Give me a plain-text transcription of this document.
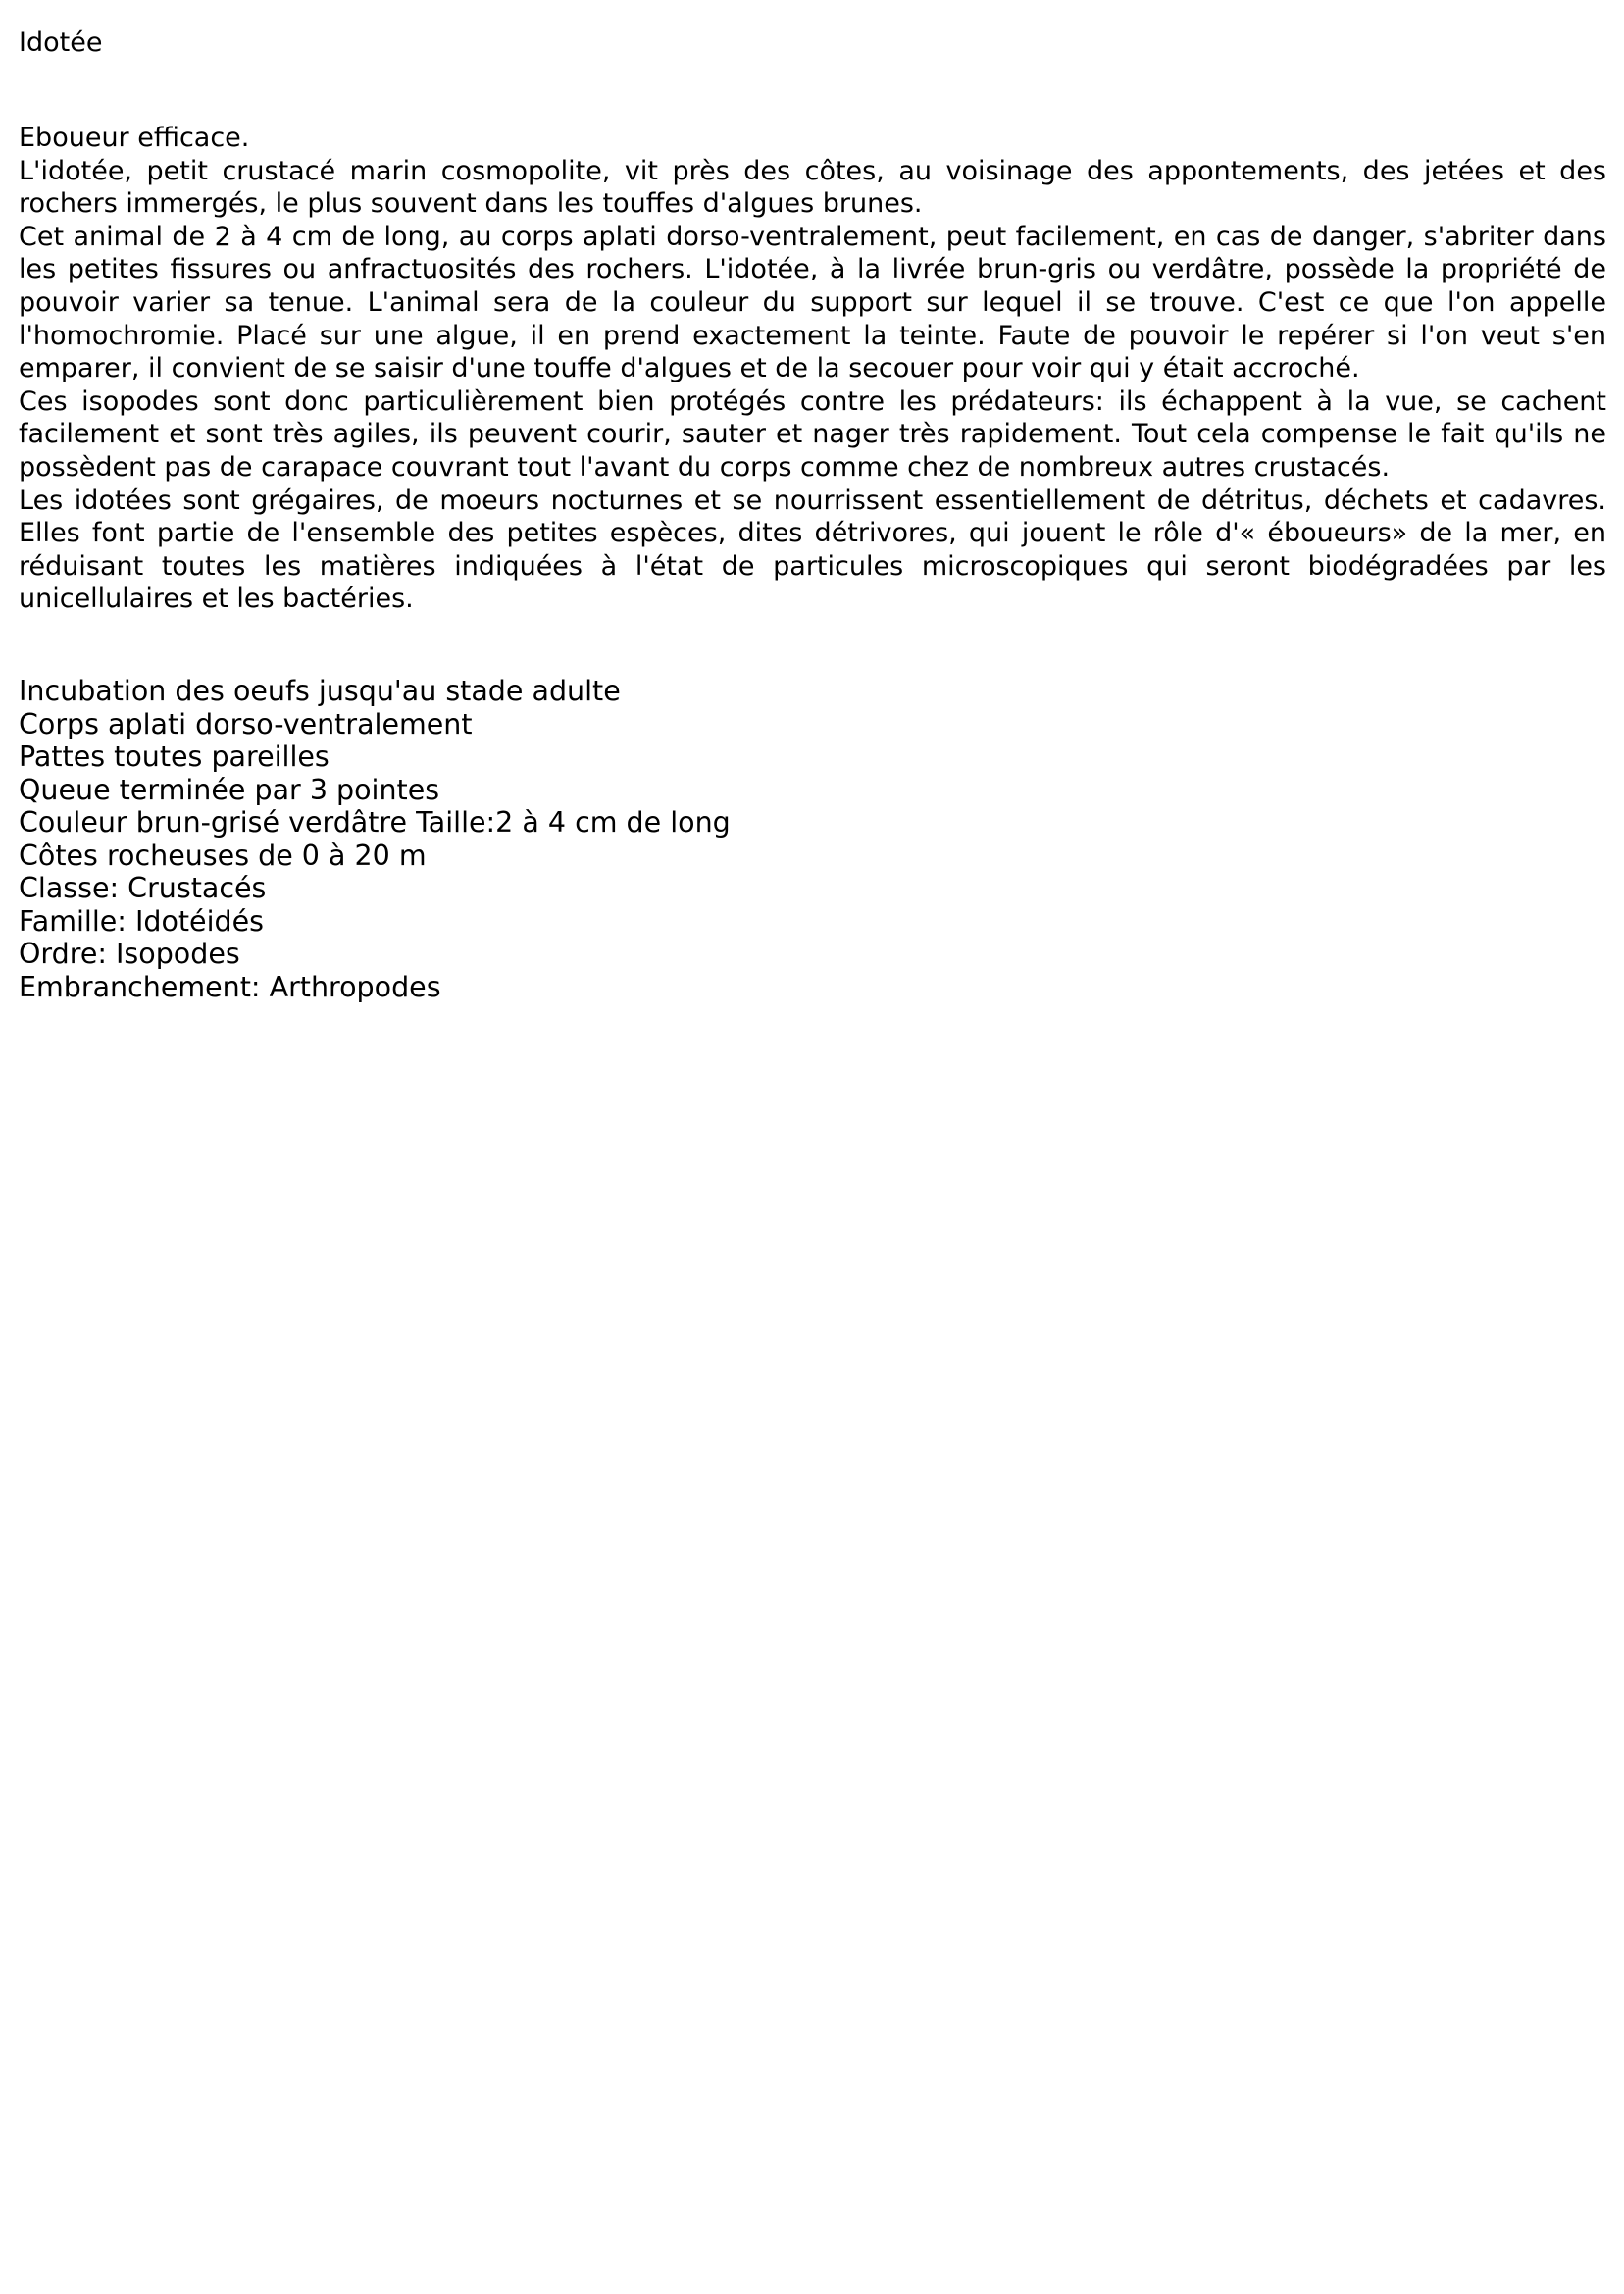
Idotée

Eboueur efficace.

L'idotée, petit crustacé marin cosmopolite, vit près des côtes, au voisinage des appontements, des jetées et des rochers immergés, le plus souvent dans les touffes d'algues brunes.

Cet animal de 2 à 4 cm de long, au corps aplati dorso-ventralement, peut facilement, en cas de danger, s'abriter dans les petites fissures ou anfractuosités des rochers. L'idotée, à la livrée brun-gris ou verdâtre, possède la propriété de pouvoir varier sa tenue. L'animal sera de la couleur du support sur lequel il se trouve. C'est ce que l'on appelle l'homochromie. Placé sur une algue, il en prend exactement la teinte. Faute de pouvoir le repérer si l'on veut s'en emparer, il convient de se saisir d'une touffe d'algues et de la secouer pour voir qui y était accroché.

Ces isopodes sont donc particulièrement bien protégés contre les prédateurs: ils échappent à la vue, se cachent facilement et sont très agiles, ils peuvent courir, sauter et nager très rapidement. Tout cela compense le fait qu'ils ne possèdent pas de carapace couvrant tout l'avant du corps comme chez de nombreux autres crustacés.

Les idotées sont grégaires, de moeurs nocturnes et se nourrissent essentiellement de détritus, déchets et cadavres. Elles font partie de l'ensemble des petites espèces, dites détrivores, qui jouent le rôle d'« éboueurs» de la mer, en réduisant toutes les matières indiquées à l'état de particules microscopiques qui seront biodégradées par les unicellulaires et les bactéries.

Incubation des oeufs jusqu'au stade adulte
Corps aplati dorso-ventralement
Pattes toutes pareilles
Queue terminée par 3 pointes
Couleur brun-grisé verdâtre Taille:2 à 4 cm de long
Côtes rocheuses de 0 à 20 m
Classe: Crustacés
Famille: Idotéidés
Ordre: Isopodes
Embranchement: Arthropodes
